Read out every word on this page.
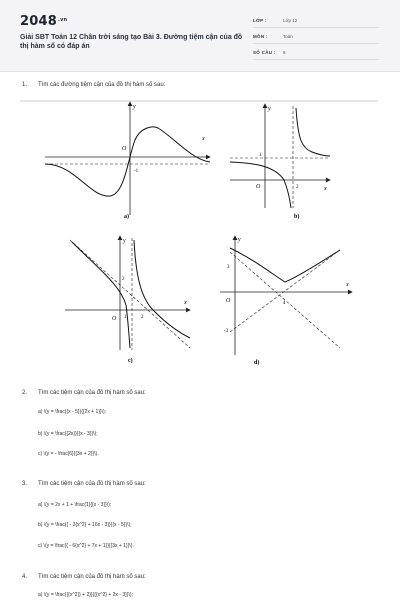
$2048^{.vn}$
Giải SBT Toán 12 Chân trời sáng tạo Bài 3. Đường tiệm cận của đồ thị hàm số có đáp án
LỚP :	Lớp 12
MÔN :	Toán
SỐ CÂU : 6
1. Tìm các đường tiệm cận của đồ thị hàm số sau:
x
y
O
-1
a)
x
y
O
1
2
b)
x
y
O
2
1	2
c)
x
y
O
3
-3
4
d)
2. Tìm các tiệm cận của đồ thị hàm số sau:
a) \(y = \frac{{x - 5}}{{2x + 1}}\);
b) \(y = \frac{{2x}}{{x - 3}}\);
c) \(y = - \frac{6}{{3x + 2}}\).
3. Tìm các tiệm cận của đồ thị hàm số sau:
a) \(y = 2x + 1 + \frac{1}{{x - 3}}\);
b) \(y = \frac{{ - 3{x^2} + 16x - 3}}{{x - 5}}\);
c) \(y = \frac{{ - 6{x^2} + 7x + 1}}{{3x + 1}}\).
4. Tìm các tiệm cận của đồ thị hàm số sau:
a) \(y = \frac{{{x^2}} + 2}}{{{x^2} + 2x - 3}}\);
